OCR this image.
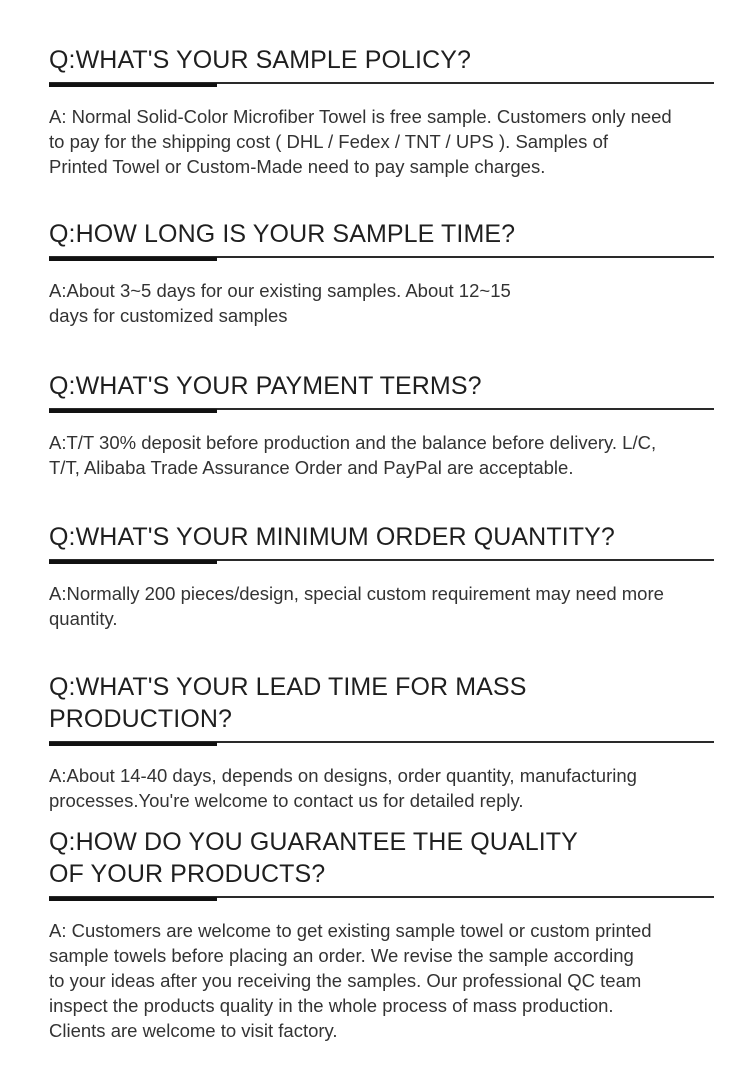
Q:WHAT'S YOUR SAMPLE POLICY?
A: Normal Solid-Color Microfiber Towel is free sample. Customers only need
to pay for the shipping cost ( DHL / Fedex / TNT / UPS ). Samples of
Printed Towel or Custom-Made need to pay sample charges.
Q:HOW LONG IS YOUR SAMPLE TIME?
A:About 3~5 days for our existing samples. About 12~15
days for customized samples
Q:WHAT'S YOUR PAYMENT TERMS?
A:T/T 30% deposit before production and the balance before delivery. L/C,
T/T, Alibaba Trade Assurance Order and PayPal are acceptable.
Q:WHAT'S YOUR MINIMUM ORDER QUANTITY?
A:Normally 200 pieces/design, special custom requirement may need more
quantity.
Q:WHAT'S YOUR LEAD TIME FOR MASS PRODUCTION?
A:About 14-40 days, depends on designs, order quantity, manufacturing
processes.You're welcome to contact us for detailed reply.
Q:HOW DO YOU GUARANTEE THE QUALITY
OF YOUR PRODUCTS?
A: Customers are welcome to get existing sample towel or custom printed
sample towels before placing an order. We revise the sample according
to your ideas after you receiving the samples. Our professional QC team
inspect the products quality in the whole process of mass production.
Clients are welcome to visit factory.
